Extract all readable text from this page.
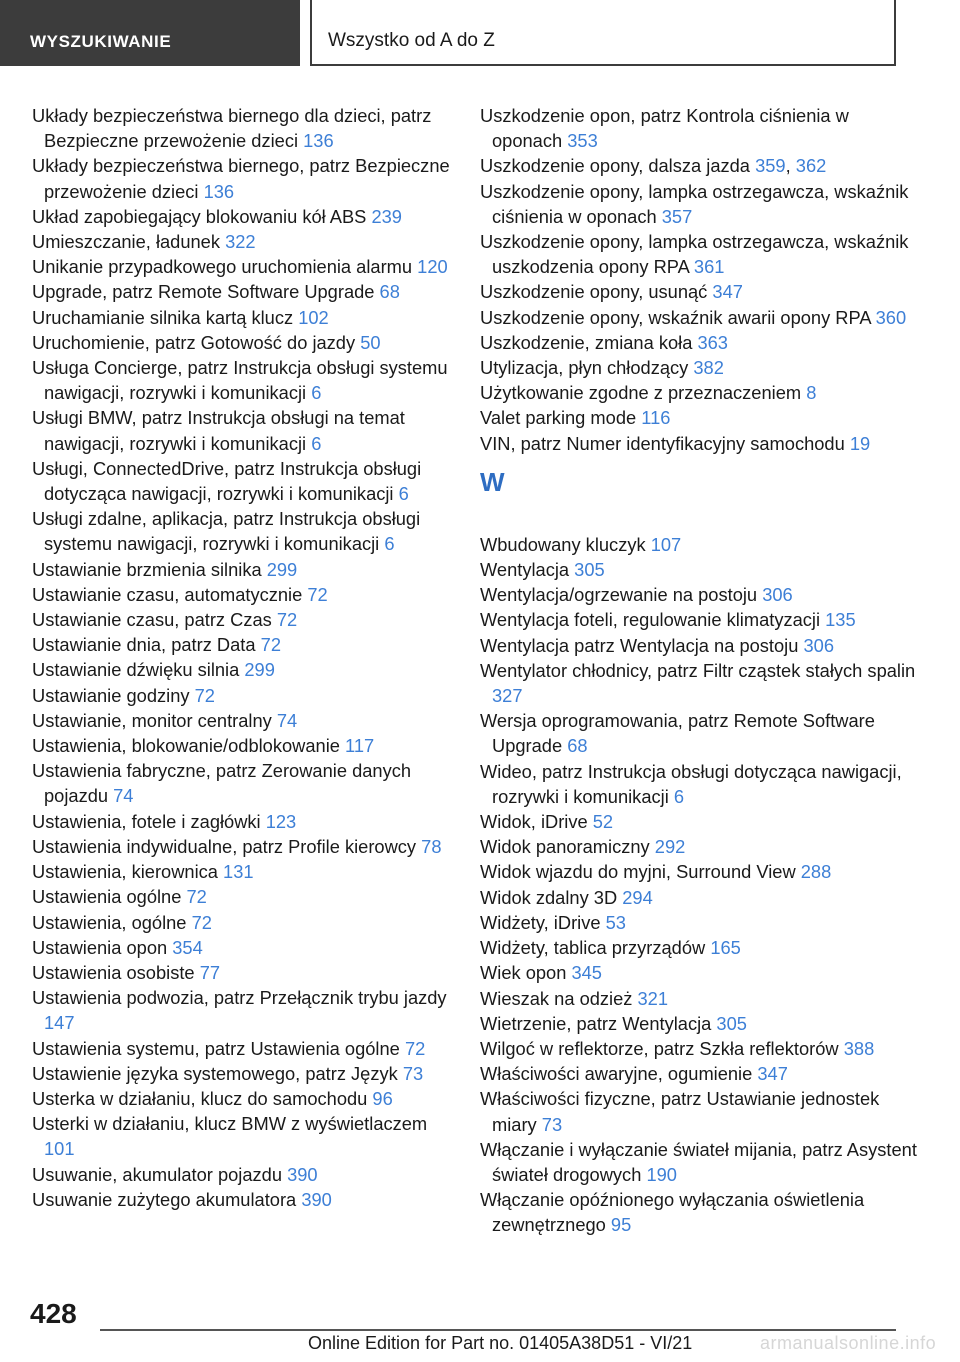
WYSZUKIWANIE	Wszystko od A do Z
Układy bezpieczeństwa biernego dla dzieci, patrz Bezpieczne przewożenie dzieci 136
Układy bezpieczeństwa biernego, patrz Bezpieczne przewożenie dzieci 136
Układ zapobiegający blokowaniu kół ABS 239
Umieszczanie, ładunek 322
Unikanie przypadkowego uruchomienia alarmu 120
Upgrade, patrz Remote Software Upgrade 68
Uruchamianie silnika kartą klucz 102
Uruchomienie, patrz Gotowość do jazdy 50
Usługa Concierge, patrz Instrukcja obsługi systemu nawigacji, rozrywki i komunikacji 6
Usługi BMW, patrz Instrukcja obsługi na temat nawigacji, rozrywki i komunikacji 6
Usługi, ConnectedDrive, patrz Instrukcja obsługi dotycząca nawigacji, rozrywki i komunikacji 6
Usługi zdalne, aplikacja, patrz Instrukcja obsługi systemu nawigacji, rozrywki i komunikacji 6
Ustawianie brzmienia silnika 299
Ustawianie czasu, automatycznie 72
Ustawianie czasu, patrz Czas 72
Ustawianie dnia, patrz Data 72
Ustawianie dźwięku silnia 299
Ustawianie godziny 72
Ustawianie, monitor centralny 74
Ustawienia, blokowanie/odblokowanie 117
Ustawienia fabryczne, patrz Zerowanie danych pojazdu 74
Ustawienia, fotele i zagłówki 123
Ustawienia indywidualne, patrz Profile kierowcy 78
Ustawienia, kierownica 131
Ustawienia ogólne 72
Ustawienia, ogólne 72
Ustawienia opon 354
Ustawienia osobiste 77
Ustawienia podwozia, patrz Przełącznik trybu jazdy 147
Ustawienia systemu, patrz Ustawienia ogólne 72
Ustawienie języka systemowego, patrz Język 73
Usterka w działaniu, klucz do samochodu 96
Usterki w działaniu, klucz BMW z wyświetlaczem 101
Usuwanie, akumulator pojazdu 390
Usuwanie zużytego akumulatora 390
Uszkodzenie opon, patrz Kontrola ciśnienia w oponach 353
Uszkodzenie opony, dalsza jazda 359, 362
Uszkodzenie opony, lampka ostrzegawcza, wskaźnik ciśnienia w oponach 357
Uszkodzenie opony, lampka ostrzegawcza, wskaźnik uszkodzenia opony RPA 361
Uszkodzenie opony, usunąć 347
Uszkodzenie opony, wskaźnik awarii opony RPA 360
Uszkodzenie, zmiana koła 363
Utylizacja, płyn chłodzący 382
Użytkowanie zgodne z przeznaczeniem 8
Valet parking mode 116
VIN, patrz Numer identyfikacyjny samochodu 19
W
Wbudowany kluczyk 107
Wentylacja 305
Wentylacja/ogrzewanie na postoju 306
Wentylacja foteli, regulowanie klimatyzacji 135
Wentylacja patrz Wentylacja na postoju 306
Wentylator chłodnicy, patrz Filtr cząstek stałych spalin 327
Wersja oprogramowania, patrz Remote Software Upgrade 68
Wideo, patrz Instrukcja obsługi dotycząca nawigacji, rozrywki i komunikacji 6
Widok, iDrive 52
Widok panoramiczny 292
Widok wjazdu do myjni, Surround View 288
Widok zdalny 3D 294
Widżety, iDrive 53
Widżety, tablica przyrządów 165
Wiek opon 345
Wieszak na odzież 321
Wietrzenie, patrz Wentylacja 305
Wilgoć w reflektorze, patrz Szkła reflektorów 388
Właściwości awaryjne, ogumienie 347
Właściwości fizyczne, patrz Ustawianie jednostek miary 73
Włączanie i wyłączanie świateł mijania, patrz Asystent świateł drogowych 190
Włączanie opóźnionego wyłączania oświetlenia zewnętrznego 95
428
Online Edition for Part no. 01405A38D51 - VI/21	armanualsonline.info
